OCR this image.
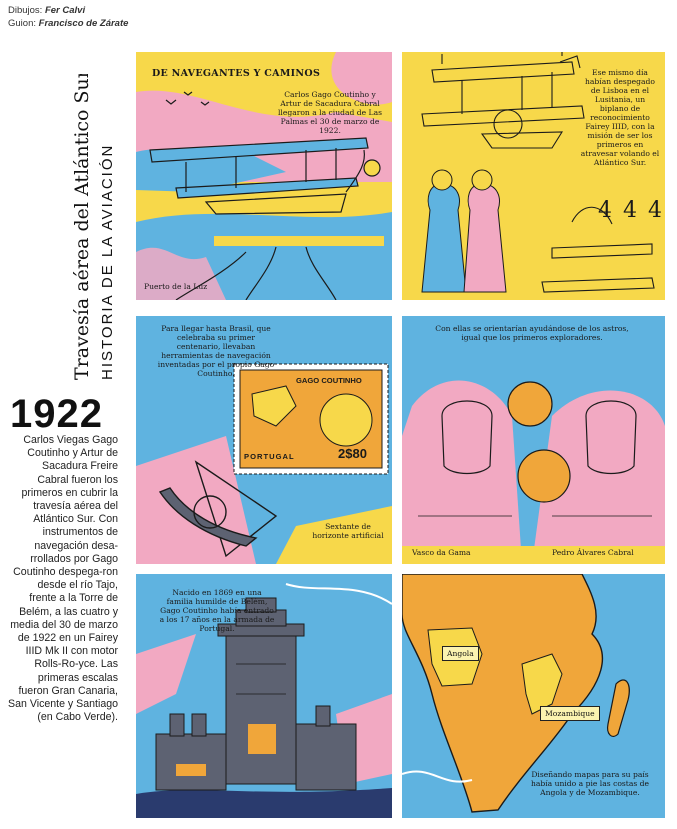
Dibujos: Fer Calvi
Guion: Francisco de Zárate
Travesía aérea del Atlántico Sur HISTORIA DE LA AVIACIÓN
1922
Carlos Viegas Gago Coutinho y Artur de Sacadura Freire Cabral fueron los primeros en cubrir la travesía aérea del Atlántico Sur. Con instrumentos de navegación desa-rrollados por Gago Coutinho despega-ron desde el río Tajo, frente a la Torre de Belém, a las cuatro y media del 30 de marzo de 1922 en un Fairey IIID Mk II con motor Rolls-Ro-yce. Las primeras escalas fueron Gran Canaria, San Vicente y Santiago (en Cabo Verde).
DE NAVEGANTES Y CAMINOS
Carlos Gago Coutinho y Artur de Sacadura Cabral llegaron a la ciudad de Las Palmas el 30 de marzo de 1922.
Puerto de la Luz
Ese mismo día habían despegado de Lisboa en el Lusitania, un biplano de reconocimiento Fairey IIID, con la misión de ser los primeros en atravesar volando el Atlántico Sur.
4 4 4
Para llegar hasta Brasil, que celebraba su primer centenario, llevaban herramientas de navegación inventadas por el propio Gago Coutinho.
GAGO COUTINHO
PORTUGAL	2$80
Sextante de horizonte artificial
Con ellas se orientarían ayudándose de los astros, igual que los primeros exploradores.
Vasco da Gama	Pedro Álvares Cabral
Nacido en 1869 en una familia humilde de Belém, Gago Coutinho había entrado a los 17 años en la armada de Portugal.
Angola
Mozambique
Diseñando mapas para su país había unido a pie las costas de Angola y de Mozambique.
